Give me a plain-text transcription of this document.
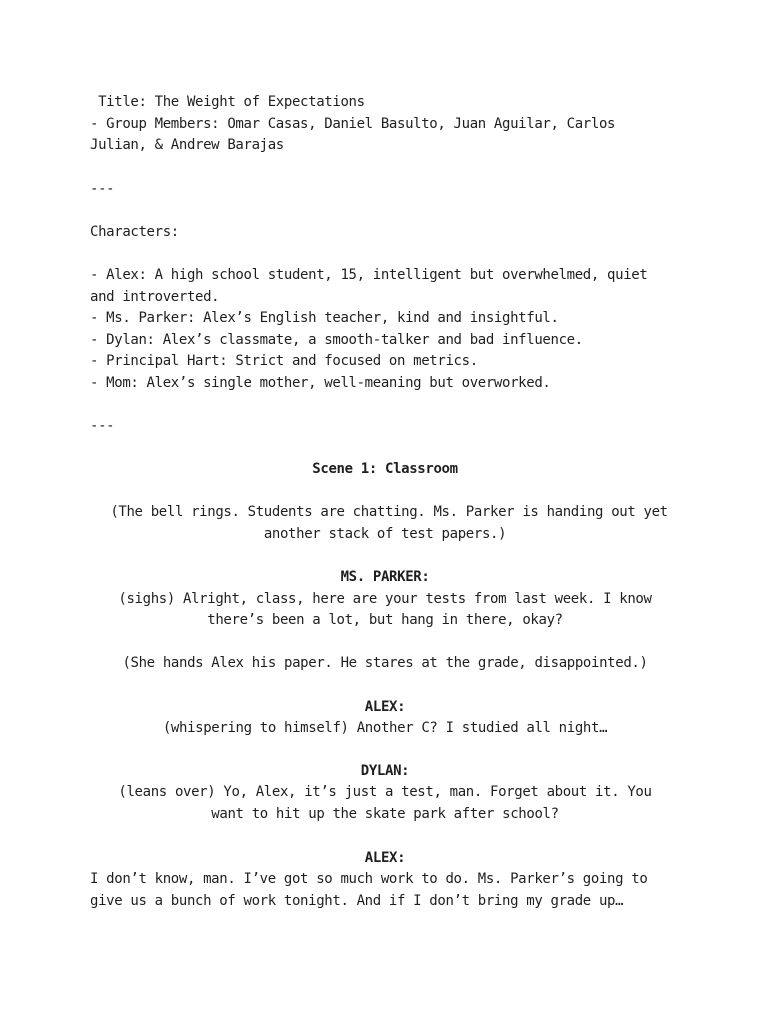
Title: The Weight of Expectations
- Group Members: Omar Casas, Daniel Basulto, Juan Aguilar, Carlos
Julian, & Andrew Barajas
---
Characters:
- Alex: A high school student, 15, intelligent but overwhelmed, quiet
and introverted.
- Ms. Parker: Alex’s English teacher, kind and insightful.
- Dylan: Alex’s classmate, a smooth-talker and bad influence.
- Principal Hart: Strict and focused on metrics.
- Mom: Alex’s single mother, well-meaning but overworked.
---
Scene 1: Classroom
(The bell rings. Students are chatting. Ms. Parker is handing out yet
another stack of test papers.)
MS. PARKER:
(sighs) Alright, class, here are your tests from last week. I know
there’s been a lot, but hang in there, okay?
(She hands Alex his paper. He stares at the grade, disappointed.)
ALEX:
(whispering to himself) Another C? I studied all night…
DYLAN:
(leans over) Yo, Alex, it’s just a test, man. Forget about it. You
want to hit up the skate park after school?
ALEX:
I don’t know, man. I’ve got so much work to do. Ms. Parker’s going to
give us a bunch of work tonight. And if I don’t bring my grade up…
